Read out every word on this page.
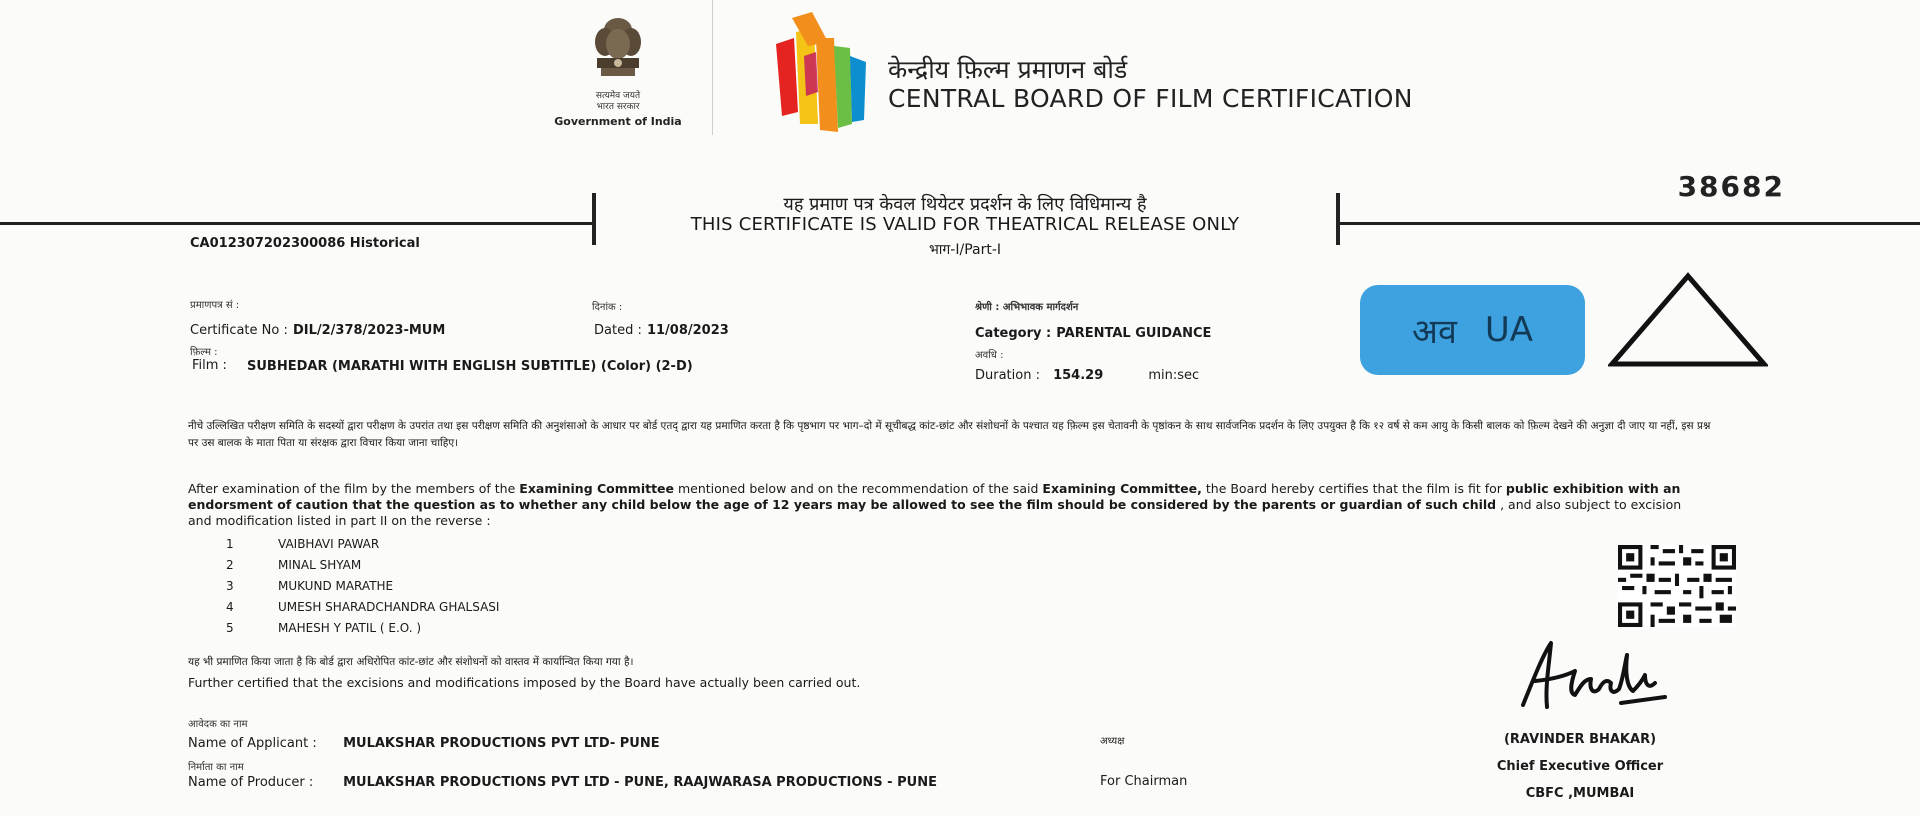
सत्यमेव जयते
भारत सरकार
Government of India
केन्द्रीय फ़िल्म प्रमाणन बोर्ड
CENTRAL BOARD OF FILM CERTIFICATION
38682
यह प्रमाण पत्र केवल थियेटर प्रदर्शन के लिए विधिमान्य है
THIS CERTIFICATE IS VALID FOR THEATRICAL RELEASE ONLY
भाग-I/Part-I
CA012307202300086 Historical
प्रमाणपत्र सं :
Certificate No : DIL/2/378/2023-MUM
दिनांक :
Dated : 11/08/2023
श्रेणी : अभिभावक मार्गदर्शन
Category : PARENTAL GUIDANCE
फ़िल्म :
Film :	SUBHEDAR (MARATHI WITH ENGLISH SUBTITLE) (Color) (2-D)
अवधि :
Duration : 154.29	min:sec
अव UA
नीचे उल्लिखित परीक्षण समिति के सदस्यों द्वारा परीक्षण के उपरांत तथा इस परीक्षण समिति की अनुशंसाओ के आधार पर बोर्ड एतद् द्वारा यह प्रमाणित करता है कि पृष्ठभाग पर भाग–दो में सूचीबद्ध कांट-छांट और संशोधनों के पश्चात यह फ़िल्म इस चेतावनी के पृष्ठांकन के साथ सार्वजनिक प्रदर्शन के लिए उपयुक्त है कि १२ वर्ष से कम आयु के किसी बालक को फ़िल्म देखने की अनुज्ञा दी जाए या नहीं, इस प्रश्न पर उस बालक के माता पिता या संरक्षक द्वारा विचार किया जाना चाहिए।
After examination of the film by the members of the Examining Committee mentioned below and on the recommendation of the said Examining Committee, the Board hereby certifies that the film is fit for public exhibition with an endorsment of caution that the question as to whether any child below the age of 12 years may be allowed to see the film should be considered by the parents or guardian of such child , and also subject to excision and modification listed in part II on the reverse :
1	VAIBHAVI PAWAR
2	MINAL SHYAM
3	MUKUND MARATHE
4	UMESH SHARADCHANDRA GHALSASI
5	MAHESH Y PATIL ( E.O. )
यह भी प्रमाणित किया जाता है कि बोर्ड द्वारा अधिरोपित कांट-छांट और संशोधनों को वास्तव में कार्यान्वित किया गया है।
Further certified that the excisions and modifications imposed by the Board have actually been carried out.
आवेदक का नाम
Name of Applicant : MULAKSHAR PRODUCTIONS PVT LTD- PUNE
निर्माता का नाम
Name of Producer : MULAKSHAR PRODUCTIONS PVT LTD - PUNE, RAAJWARASA PRODUCTIONS - PUNE
अध्यक्ष
For Chairman
(RAVINDER BHAKAR)
Chief Executive Officer
CBFC ,MUMBAI
